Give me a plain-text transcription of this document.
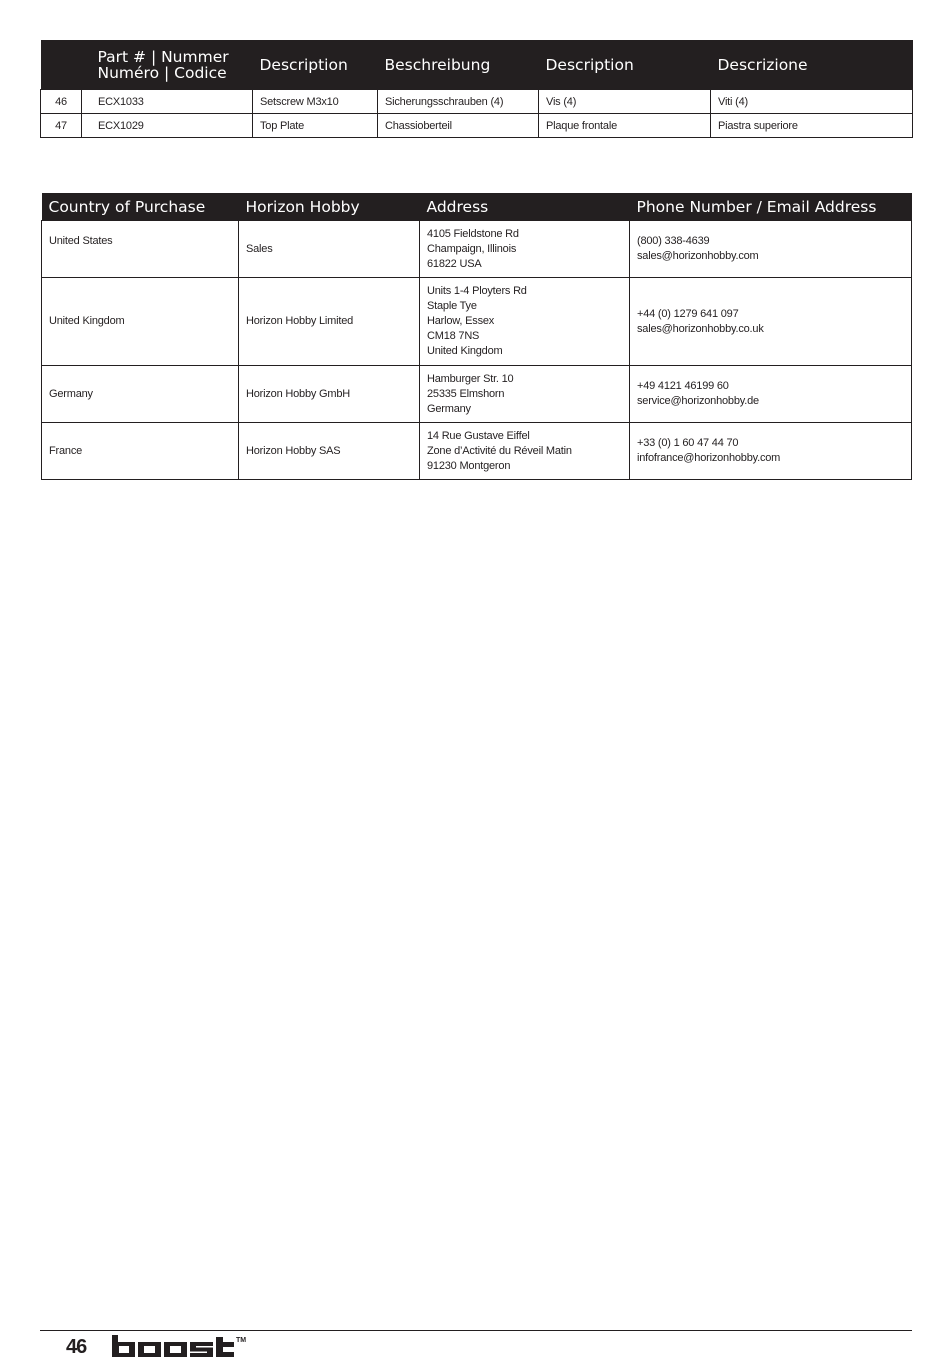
Part # | Nummer
Numéro | Codice		Description	Beschreibung	Description	Descrizione
46	ECX1033	Setscrew M3x10	Sicherungsschrauben (4)	Vis (4)	Viti (4)
47	ECX1029	Top Plate	Chassioberteil	Plaque frontale	Piastra superiore
Country of Purchase	Horizon Hobby	Address	Phone Number / Email Address
United States	Sales	4105 Fieldstone Rd
Champaign, Illinois
61822 USA	(800) 338-4639
sales@horizonhobby.com

United Kingdom	Horizon Hobby Limited	Units 1-4 Ployters Rd
Staple Tye
Harlow, Essex
CM18 7NS
United Kingdom	+44 (0) 1279 641 097
sales@horizonhobby.co.uk

Germany	Horizon Hobby GmbH	Hamburger Str. 10
25335 Elmshorn
Germany	+49 4121 46199 60
service@horizonhobby.de

France	Horizon Hobby SAS	14 Rue Gustave Eiffel
Zone d’Activité du Réveil Matin
91230 Montgeron	+33 (0) 1 60 47 44 70
infofrance@horizonhobby.com
46	TM
